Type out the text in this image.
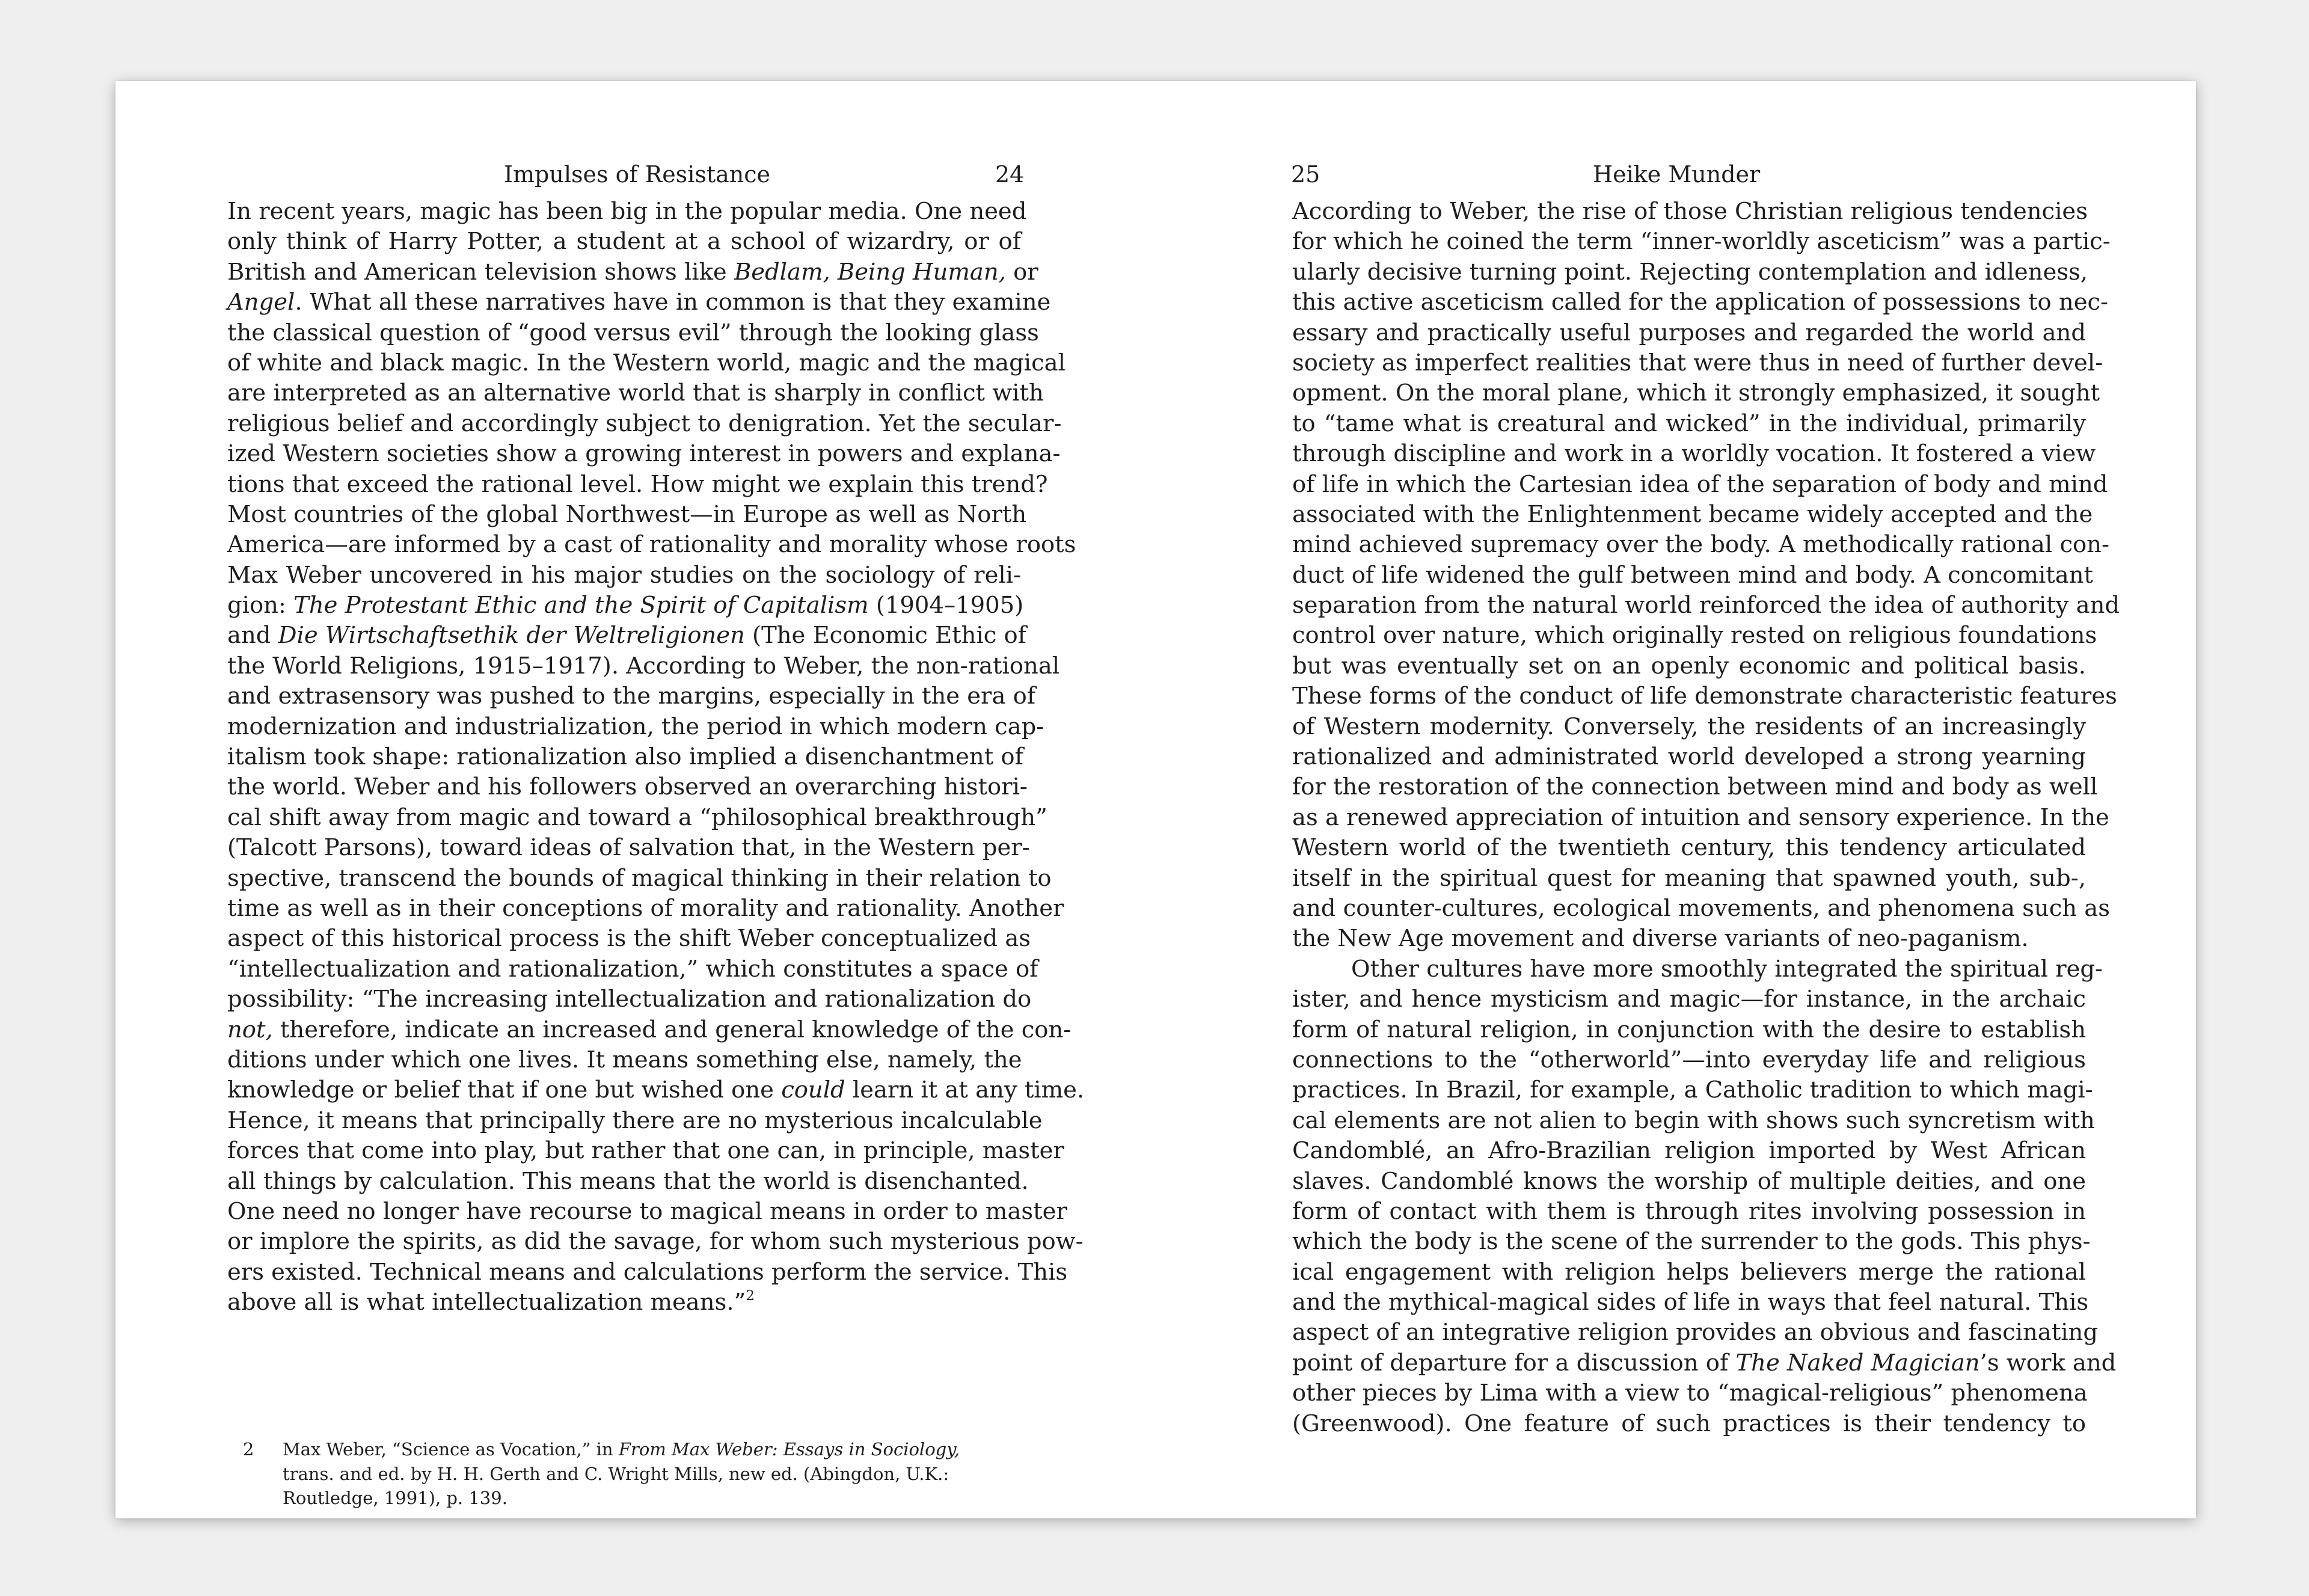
Impulses of Resistance	24	25	Heike Munder
In recent years, magic has been big in the popular media. One need
only think of Harry Potter, a student at a school of wizardry, or of
British and American television shows like Bedlam, Being Human, or
Angel. What all these narratives have in common is that they examine
the classical question of “good versus evil” through the looking glass
of white and black magic. In the Western world, magic and the magical
are interpreted as an alternative world that is sharply in conflict with
religious belief and accordingly subject to denigration. Yet the secular-
ized Western societies show a growing interest in powers and explana-
tions that exceed the rational level. How might we explain this trend?
Most countries of the global Northwest—in Europe as well as North
America—are informed by a cast of rationality and morality whose roots
Max Weber uncovered in his major studies on the sociology of reli-
gion: The Protestant Ethic and the Spirit of Capitalism (1904–1905)
and Die Wirtschaftsethik der Weltreligionen (The Economic Ethic of
the World Religions, 1915–1917). According to Weber, the non-rational
and extrasensory was pushed to the margins, especially in the era of
modernization and industrialization, the period in which modern cap-
italism took shape: rationalization also implied a disenchantment of
the world. Weber and his followers observed an overarching histori-
cal shift away from magic and toward a “philosophical breakthrough”
(Talcott Parsons), toward ideas of salvation that, in the Western per-
spective, transcend the bounds of magical thinking in their relation to
time as well as in their conceptions of morality and rationality. Another
aspect of this historical process is the shift Weber conceptualized as
“intellectualization and rationalization,” which constitutes a space of
possibility: “The increasing intellectualization and rationalization do
not, therefore, indicate an increased and general knowledge of the con-
ditions under which one lives. It means something else, namely, the
knowledge or belief that if one but wished one could learn it at any time.
Hence, it means that principally there are no mysterious incalculable
forces that come into play, but rather that one can, in principle, master
all things by calculation. This means that the world is disenchanted.
One need no longer have recourse to magical means in order to master
or implore the spirits, as did the savage, for whom such mysterious pow-
ers existed. Technical means and calculations perform the service. This
above all is what intellectualization means.”$^2$
According to Weber, the rise of those Christian religious tendencies
for which he coined the term “inner-worldly asceticism” was a partic-
ularly decisive turning point. Rejecting contemplation and idleness,
this active asceticism called for the application of possessions to nec-
essary and practically useful purposes and regarded the world and
society as imperfect realities that were thus in need of further devel-
opment. On the moral plane, which it strongly emphasized, it sought
to “tame what is creatural and wicked” in the individual, primarily
through discipline and work in a worldly vocation. It fostered a view
of life in which the Cartesian idea of the separation of body and mind
associated with the Enlightenment became widely accepted and the
mind achieved supremacy over the body. A methodically rational con-
duct of life widened the gulf between mind and body. A concomitant
separation from the natural world reinforced the idea of authority and
control over nature, which originally rested on religious foundations
but was eventually set on an openly economic and political basis.
These forms of the conduct of life demonstrate characteristic features
of Western modernity. Conversely, the residents of an increasingly
rationalized and administrated world developed a strong yearning
for the restoration of the connection between mind and body as well
as a renewed appreciation of intuition and sensory experience. In the
Western world of the twentieth century, this tendency articulated
itself in the spiritual quest for meaning that spawned youth, sub-,
and counter-cultures, ecological movements, and phenomena such as
the New Age movement and diverse variants of neo-paganism.
Other cultures have more smoothly integrated the spiritual reg-
ister, and hence mysticism and magic—for instance, in the archaic
form of natural religion, in conjunction with the desire to establish
connections to the “otherworld”—into everyday life and religious
practices. In Brazil, for example, a Catholic tradition to which magi-
cal elements are not alien to begin with shows such syncretism with
Candomblé, an Afro-Brazilian religion imported by West African
slaves. Candomblé knows the worship of multiple deities, and one
form of contact with them is through rites involving possession in
which the body is the scene of the surrender to the gods. This phys-
ical engagement with religion helps believers merge the rational
and the mythical-magical sides of life in ways that feel natural. This
aspect of an integrative religion provides an obvious and fascinating
point of departure for a discussion of The Naked Magician’s work and
other pieces by Lima with a view to “magical-religious” phenomena
(Greenwood). One feature of such practices is their tendency to
2 Max Weber, “Science as Vocation,” in From Max Weber: Essays in Sociology,
trans. and ed. by H. H. Gerth and C. Wright Mills, new ed. (Abingdon, U.K.:
Routledge, 1991), p. 139.
